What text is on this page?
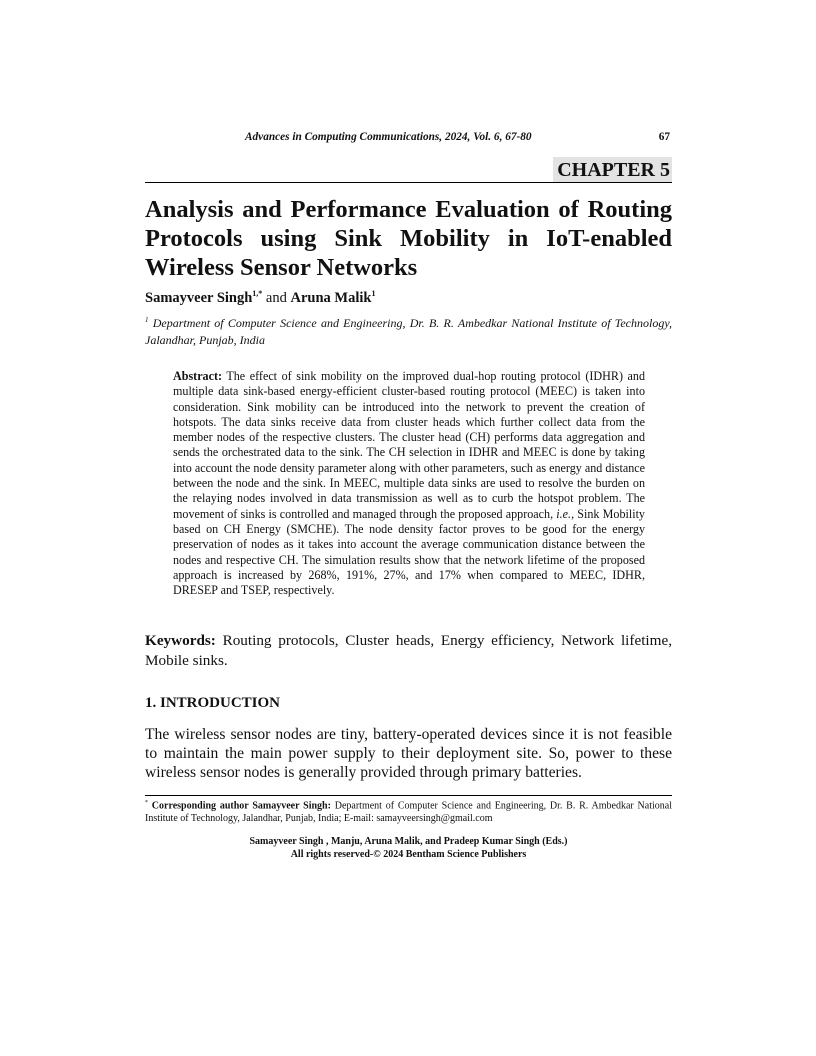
Advances in Computing Communications, 2024, Vol. 6, 67-80	67

CHAPTER 5
Analysis and Performance Evaluation of Routing
Protocols using Sink Mobility in IoT-enabled
Wireless Sensor Networks
Samayveer Singh$^{1,*}$ and Aruna Malik$^1$
$^1$ Department of Computer Science and Engineering, Dr. B. R. Ambedkar National Institute of Technology, Jalandhar, Punjab, India
Abstract: The effect of sink mobility on the improved dual-hop routing protocol (IDHR) and multiple data sink-based energy-efficient cluster-based routing protocol (MEEC) is taken into consideration. Sink mobility can be introduced into the network to prevent the creation of hotspots. The data sinks receive data from cluster heads which further collect data from the member nodes of the respective clusters. The cluster head (CH) performs data aggregation and sends the orchestrated data to the sink. The CH selection in IDHR and MEEC is done by taking into account the node density parameter along with other parameters, such as energy and distance between the node and the sink. In MEEC, multiple data sinks are used to resolve the burden on the relaying nodes involved in data transmission as well as to curb the hotspot problem. The movement of sinks is controlled and managed through the proposed approach, i.e., Sink Mobility based on CH Energy (SMCHE). The node density factor proves to be good for the energy preservation of nodes as it takes into account the average communication distance between the nodes and respective CH. The simulation results show that the network lifetime of the proposed approach is increased by 268%, 191%, 27%, and 17% when compared to MEEC, IDHR, DRESEP and TSEP, respectively.
Keywords: Routing protocols, Cluster heads, Energy efficiency, Network lifetime, Mobile sinks.
1. INTRODUCTION
The wireless sensor nodes are tiny, battery-operated devices since it is not feasible to maintain the main power supply to their deployment site. So, power to these wireless sensor nodes is generally provided through primary batteries.
* Corresponding author Samayveer Singh: Department of Computer Science and Engineering, Dr. B. R. Ambedkar National Institute of Technology, Jalandhar, Punjab, India; E-mail: samayveersingh@gmail.com
Samayveer Singh , Manju, Aruna Malik, and Pradeep Kumar Singh (Eds.)
All rights reserved-© 2024 Bentham Science Publishers
